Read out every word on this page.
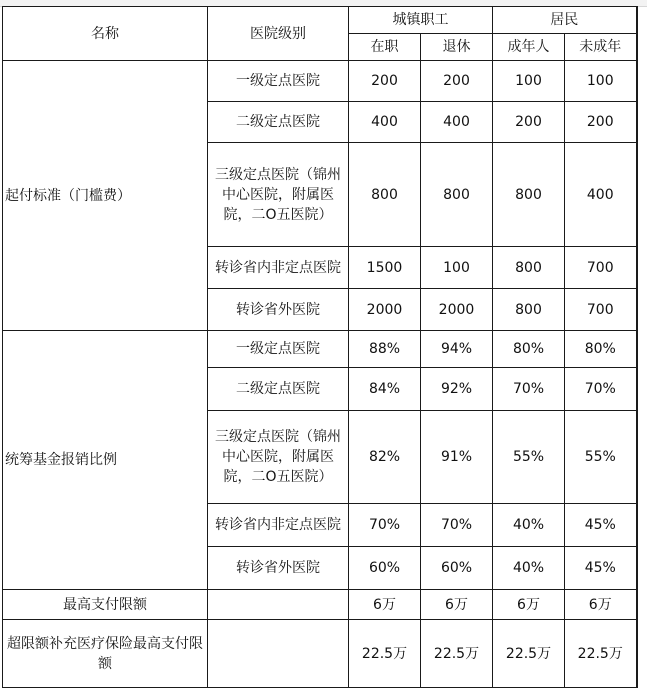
名称	医院级别	城镇职工		居民	
		在职	退休	成年人	未成年
起付标准（门槛费）	一级定点医院	200	200	100	100
	二级定点医院	400	400	200	200
	三级定点医院（锦州中心医院，附属医院，二O五医院）	800	800	800	400
	转诊省内非定点医院	1500	100	800	700
	转诊省外医院	2000	2000	800	700
统筹基金报销比例	一级定点医院	88%	94%	80%	80%
	二级定点医院	84%	92%	70%	70%
	三级定点医院（锦州中心医院，附属医院，二O五医院）	82%	91%	55%	55%
	转诊省内非定点医院	70%	70%	40%	45%
	转诊省外医院	60%	60%	40%	45%
最高支付限额		6万	6万	6万	6万
超限额补充医疗保险最高支付限额		22.5万	22.5万	22.5万	22.5万
